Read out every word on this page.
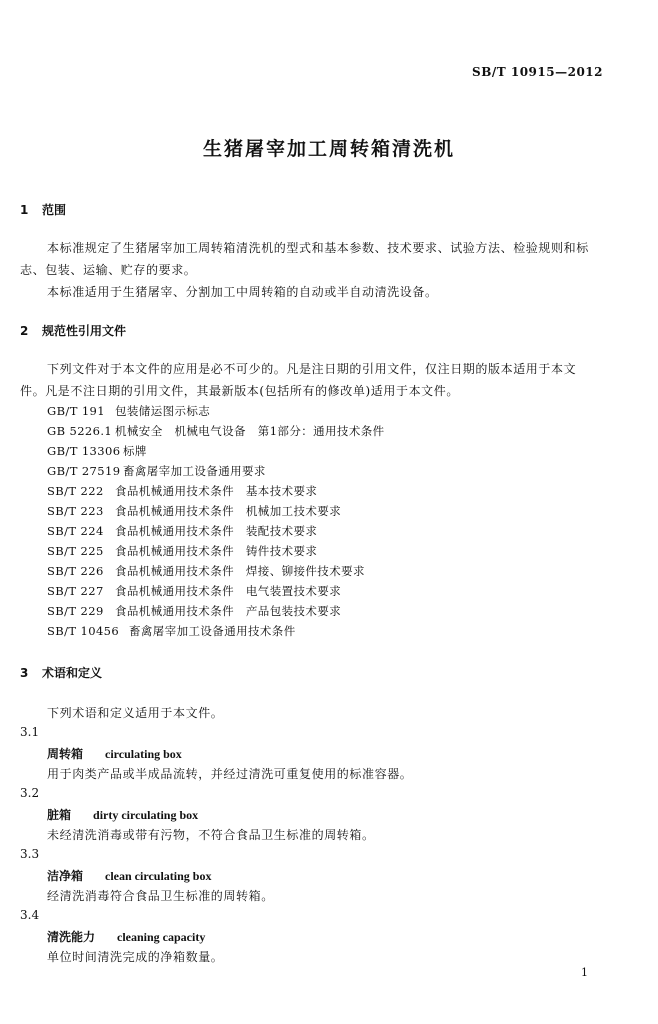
SB/T 10915—2012
生猪屠宰加工周转箱清洗机
1 范围
本标准规定了生猪屠宰加工周转箱清洗机的型式和基本参数、技术要求、试验方法、检验规则和标
志、包装、运输、贮存的要求。
本标准适用于生猪屠宰、分割加工中周转箱的自动或半自动清洗设备。
2 规范性引用文件
下列文件对于本文件的应用是必不可少的。凡是注日期的引用文件，仅注日期的版本适用于本文
件。凡是不注日期的引用文件，其最新版本(包括所有的修改单)适用于本文件。
GB/T 191 包装储运图示标志
GB 5226.1 机械安全　机械电气设备　第1部分：通用技术条件
GB/T 13306 标牌
GB/T 27519 畜禽屠宰加工设备通用要求
SB/T 222 食品机械通用技术条件　基本技术要求
SB/T 223 食品机械通用技术条件　机械加工技术要求
SB/T 224 食品机械通用技术条件　装配技术要求
SB/T 225 食品机械通用技术条件　铸件技术要求
SB/T 226 食品机械通用技术条件　焊接、铆接件技术要求
SB/T 227 食品机械通用技术条件　电气装置技术要求
SB/T 229 食品机械通用技术条件　产品包装技术要求
SB/T 10456 畜禽屠宰加工设备通用技术条件
3 术语和定义
下列术语和定义适用于本文件。
3.1
周转箱 circulating box
用于肉类产品或半成品流转，并经过清洗可重复使用的标准容器。
3.2
脏箱 dirty circulating box
未经清洗消毒或带有污物，不符合食品卫生标准的周转箱。
3.3
洁净箱 clean circulating box
经清洗消毒符合食品卫生标准的周转箱。
3.4
清洗能力 cleaning capacity
单位时间清洗完成的净箱数量。
1
